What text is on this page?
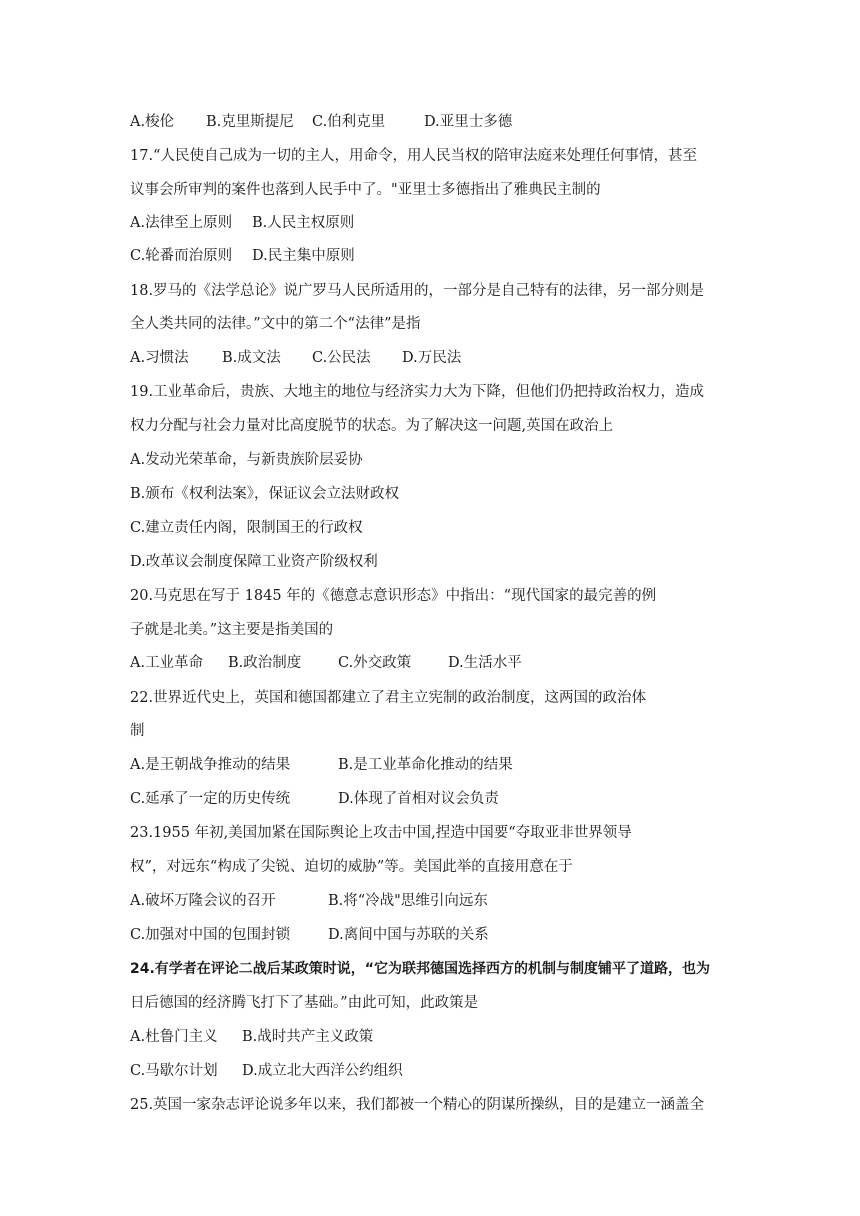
A.梭伦 B.克里斯提尼 C.伯利克里	D.亚里士多德
17.“人民使自己成为一切的主人，用命令，用人民当权的陪审法庭来处理任何事情，甚至
议事会所审判的案件也落到人民手中了。"亚里士多德指出了雅典民主制的
A.法律至上原则 B.人民主权原则
C.轮番而治原则 D.民主集中原则
18.罗马的《法学总论》说广罗马人民所适用的，一部分是自己特有的法律，另一部分则是
全人类共同的法律。”文中的第二个“法律”是指
A.习惯法 B.成文法 C.公民法 D.万民法
19.工业革命后，贵族、大地主的地位与经济实力大为下降，但他们仍把持政治权力，造成
权力分配与社会力量对比高度脱节的状态。为了解决这一问题,英国在政治上
A.发动光荣革命，与新贵族阶层妥协
B.颁布《权利法案》，保证议会立法财政权
C.建立责任内阁，限制国王的行政权
D.改革议会制度保障工业资产阶级权利
20.马克思在写于 1845 年的《德意志意识形态》中指出：“现代国家的最完善的例
子就是北美。”这主要是指美国的
A.工业革命 B.政治制度	C.外交政策	D.生活水平
22.世界近代史上，英国和德国都建立了君主立宪制的政治制度，这两国的政治体
制
A.是王朝战争推动的结果	B.是工业革命化推动的结果
C.延承了一定的历史传统	D.体现了首相对议会负责
23.1955 年初,美国加紧在国际舆论上攻击中国,捏造中国要“夺取亚非世界领导
权”，对远东“构成了尖锐、迫切的威胁”等。美国此举的直接用意在于
A.破坏万隆会议的召开	B.将“冷战"思维引向远东
C.加强对中国的包围封锁	D.离间中国与苏联的关系
24.有学者在评论二战后某政策时说，“它为联邦德国选择西方的机制与制度铺平了道路，也为
日后德国的经济腾飞打下了基础。”由此可知，此政策是
A.杜鲁门主义 B.战时共产主义政策
C.马歇尔计划 D.成立北大西洋公约组织
25.英国一家杂志评论说多年以来，我们都被一个精心的阴谋所操纵，目的是建立一涵盖全
